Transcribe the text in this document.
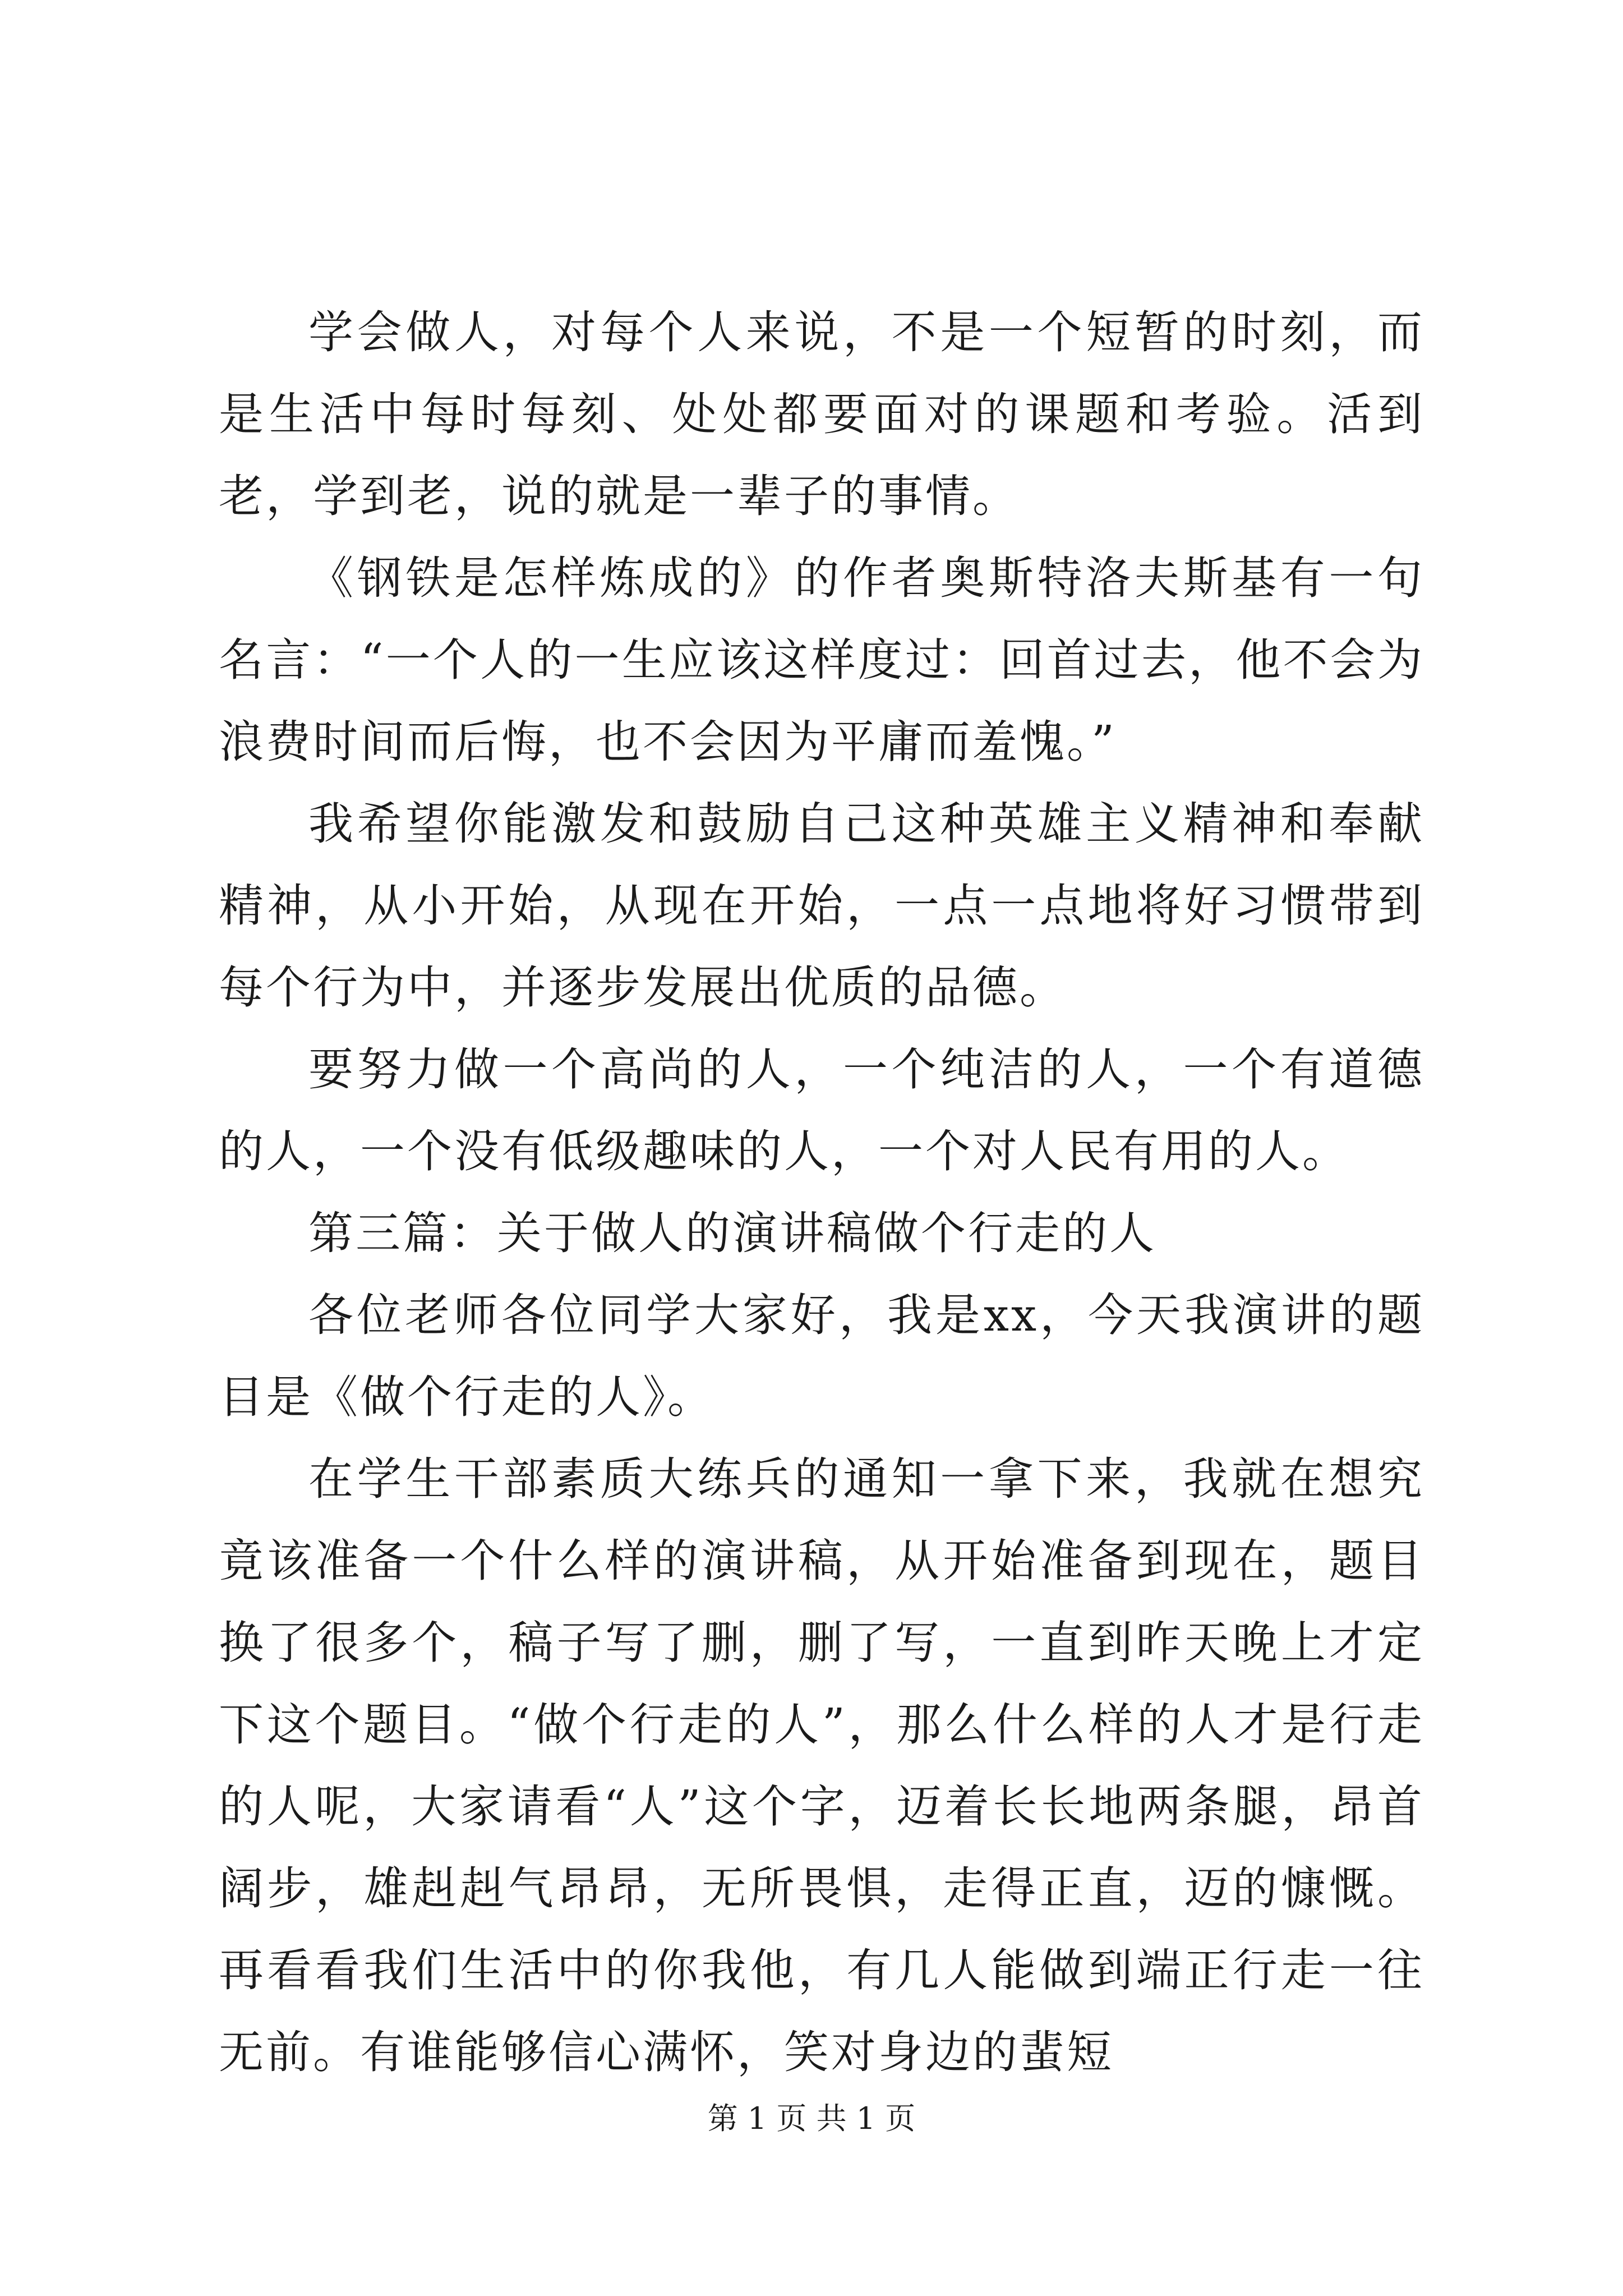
学会做人，对每个人来说，不是一个短暂的时刻，而是生活中每时每刻、处处都要面对的课题和考验。活到老，学到老，说的就是一辈子的事情。

《钢铁是怎样炼成的》的作者奥斯特洛夫斯基有一句名言：“一个人的一生应该这样度过：回首过去，他不会为浪费时间而后悔，也不会因为平庸而羞愧。”

我希望你能激发和鼓励自己这种英雄主义精神和奉献精神，从小开始，从现在开始，一点一点地将好习惯带到每个行为中，并逐步发展出优质的品德。

要努力做一个高尚的人，一个纯洁的人，一个有道德的人，一个没有低级趣味的人，一个对人民有用的人。

第三篇：关于做人的演讲稿做个行走的人

各位老师各位同学大家好，我是xx，今天我演讲的题目是《做个行走的人》。

在学生干部素质大练兵的通知一拿下来，我就在想究竟该准备一个什么样的演讲稿，从开始准备到现在，题目换了很多个，稿子写了删，删了写，一直到昨天晚上才定下这个题目。“做个行走的人”，那么什么样的人才是行走的人呢，大家请看“人”这个字，迈着长长地两条腿，昂首阔步，雄赳赳气昂昂，无所畏惧，走得正直，迈的慷慨。再看看我们生活中的你我他，有几人能做到端正行走一往无前。有谁能够信心满怀，笑对身边的蜚短

第 1 页 共 1 页
